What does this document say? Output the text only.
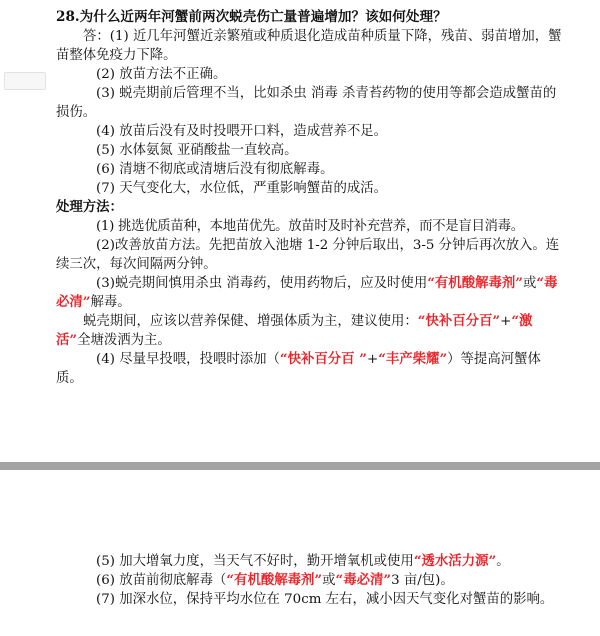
28.为什么近两年河蟹前两次蜕壳伤亡量普遍增加？该如何处理？

答：(1) 近几年河蟹近亲繁殖或种质退化造成苗种质量下降，残苗、弱苗增加，蟹苗整体免疫力下降。

(2) 放苗方法不正确。

(3) 蜕壳期前后管理不当，比如杀虫 消毒 杀青苔药物的使用等都会造成蟹苗的损伤。

(4) 放苗后没有及时投喂开口料，造成营养不足。

(5) 水体氨氮 亚硝酸盐一直较高。

(6) 清塘不彻底或清塘后没有彻底解毒。

(7) 天气变化大，水位低，严重影响蟹苗的成活。

处理方法：

(1) 挑选优质苗种，本地苗优先。放苗时及时补充营养，而不是盲目消毒。

(2)改善放苗方法。先把苗放入池塘 1-2 分钟后取出，3-5 分钟后再次放入。连续三次，每次间隔两分钟。

(3)蜕壳期间慎用杀虫 消毒药，使用药物后，应及时使用“有机酸解毒剂”或“毒必清”解毒。

蜕壳期间，应该以营养保健、增强体质为主，建议使用：“快补百分百”+“激活”全塘泼洒为主。

(4) 尽量早投喂，投喂时添加（“快补百分百 ”+“丰产柴耀”）等提高河蟹体质。

(5) 加大增氧力度，当天气不好时，勤开增氧机或使用“透水活力源”。

(6) 放苗前彻底解毒（“有机酸解毒剂”或“毒必清”3 亩/包)。

(7) 加深水位，保持平均水位在 70cm 左右，减小因天气变化对蟹苗的影响。
